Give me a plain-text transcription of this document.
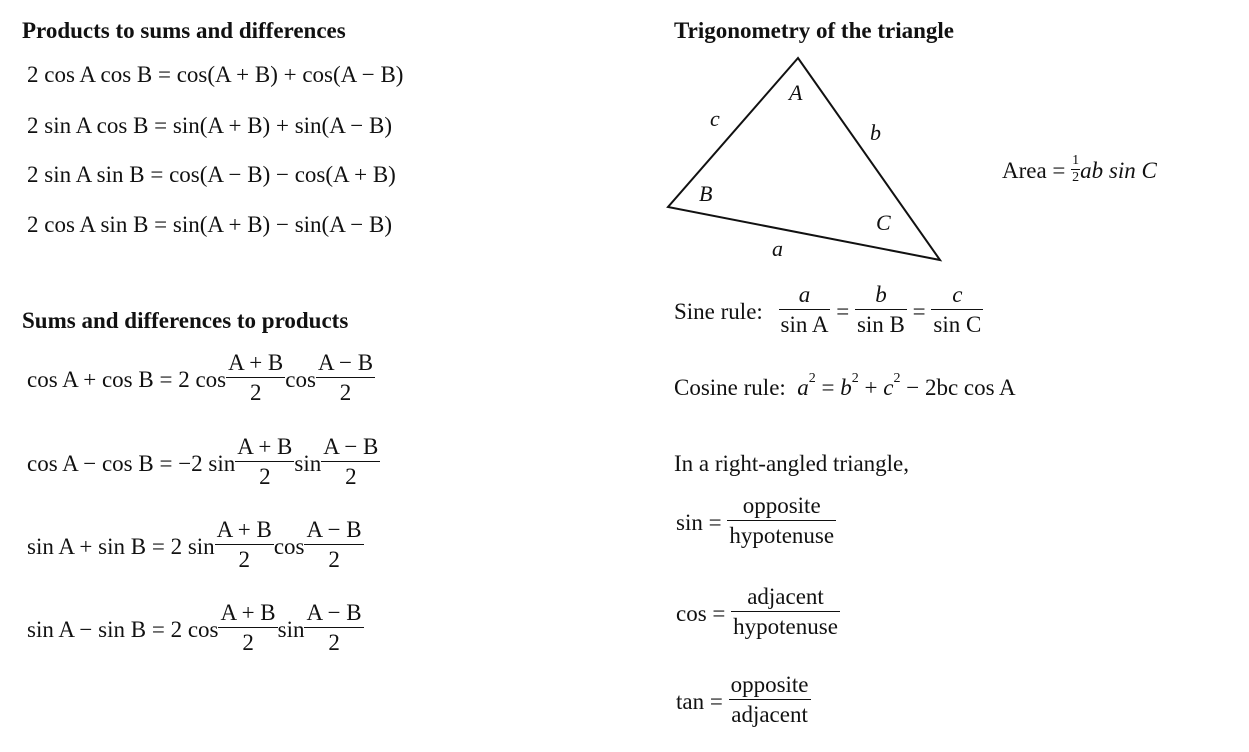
Products to sums and differences
2 cos A cos B = cos(A + B) + cos(A − B)
2 sin A cos B = sin(A + B) + sin(A − B)
2 sin A sin B = cos(A − B) − cos(A + B)
2 cos A sin B = sin(A + B) − sin(A − B)
Sums and differences to products
cos A + cos B = 2 $\cos \frac{A + B}{2}$ $\cos \frac{A - B}{2}$
cos A − cos B = −2 $\sin \frac{A + B}{2}$ $\sin \frac{A - B}{2}$
sin A + sin B = 2 $\sin \frac{A + B}{2}$ $\cos \frac{A - B}{2}$
sin A − sin B = 2 $\cos \frac{A + B}{2}$ $\sin \frac{A - B}{2}$
Trigonometry of the triangle
A
B
C
a
b
c
Area = $\frac{1}{2}$ ab sin C
Sine rule: $\frac{a}{\text{sin A}} = \frac{b}{\text{sin B}} = \frac{c}{\text{sin C}}$
Cosine rule: $a^2 = b^2 + c^2 - 2bc$ cos A
In a right-angled triangle,
$\sin = \frac{\text{opposite}}{\text{hypotenuse}}$
$\cos = \frac{\text{adjacent}}{\text{hypotenuse}}$
$\tan = \frac{\text{opposite}}{\text{adjacent}}$
